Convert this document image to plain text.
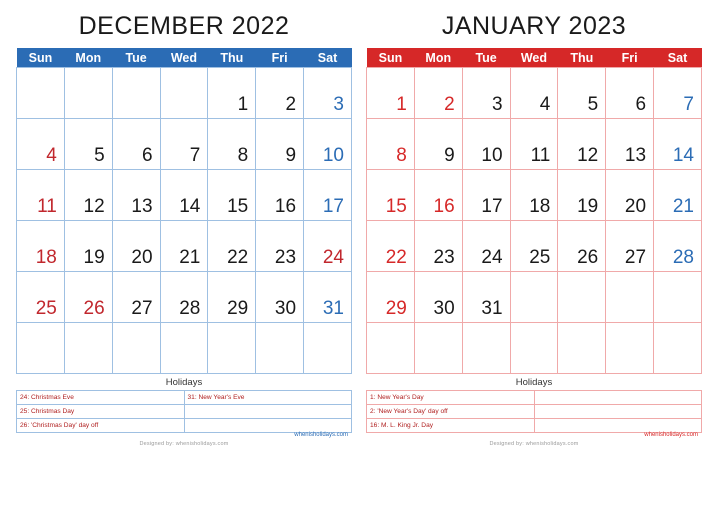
DECEMBER 2022
Sun	Mon	Tue	Wed	Thu	Fri	Sat
				1	2	3
4	5	6	7	8	9	10
11	12	13	14	15	16	17
18	19	20	21	22	23	24
25	26	27	28	29	30	31

Holidays
24: Christmas Eve	31: New Year's Eve
25: Christmas Day	
26: 'Christmas Day' day off	
whenisholidays.com
Designed by: whenisholidays.com
JANUARY 2023
Sun	Mon	Tue	Wed	Thu	Fri	Sat
1	2	3	4	5	6	7
8	9	10	11	12	13	14
15	16	17	18	19	20	21
22	23	24	25	26	27	28
29	30	31				

Holidays
1: New Year's Day	
2: 'New Year's Day' day off	
16: M. L. King Jr. Day	
whenisholidays.com
Designed by: whenisholidays.com
